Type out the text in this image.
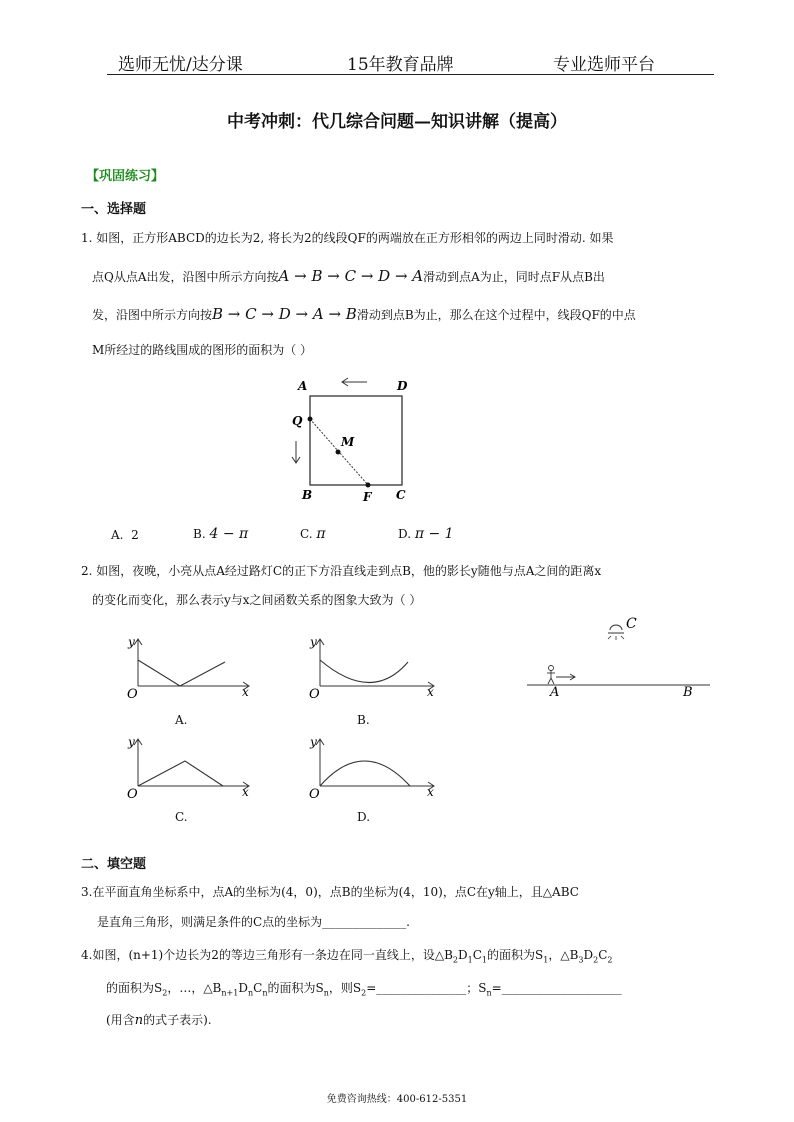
选师无忧/达分课	15年教育品牌	专业选师平台
中考冲刺：代几综合问题—知识讲解（提高）
【巩固练习】
一、选择题
1. 如图，正方形ABCD的边长为2, 将长为2的线段QF的两端放在正方形相邻的两边上同时滑动. 如果
点Q从点A出发，沿图中所示方向按A → B → C → D → A滑动到点A为止，同时点F从点B出
发，沿图中所示方向按B → C → D → A → B滑动到点B为止，那么在这个过程中，线段QF的中点
M所经过的路线围成的图形的面积为（ ）
A	D
Q
M
B	F C
A. 2	B. 4 − π	C. π	D. π − 1
2. 如图，夜晚，小亮从点A经过路灯C的正下方沿直线走到点B，他的影长y随他与点A之间的距离x
的变化而变化，那么表示y与x之间函数关系的图象大致为（ ）
y
x
O
A.
y
x
O
B.
y
x
O
C.
y
x
O
D.
A	B
C
二、填空题
3.在平面直角坐标系中，点A的坐标为(4，0)，点B的坐标为(4，10)，点C在y轴上，且△ABC
是直角三角形，则满足条件的C点的坐标为______________.
4.如图，(n+1)个边长为2的等边三角形有一条边在同一直线上，设$\triangle B_2D_1C_1$的面积为$S_1$，$\triangle B_3D_2C_2$
的面积为$S_2$，…，$\triangle B_{n+1}D_nC_n$的面积为$S_n$，则$S_2=\_\_\_\_\_\_\_\_\_\_\_\_\_\_\_$；$S_n=\_\_\_\_\_\_\_\_\_\_\_\_\_\_\_\_\_\_\_\_$
(用含n的式子表示).
免费咨询热线：400-612-5351
